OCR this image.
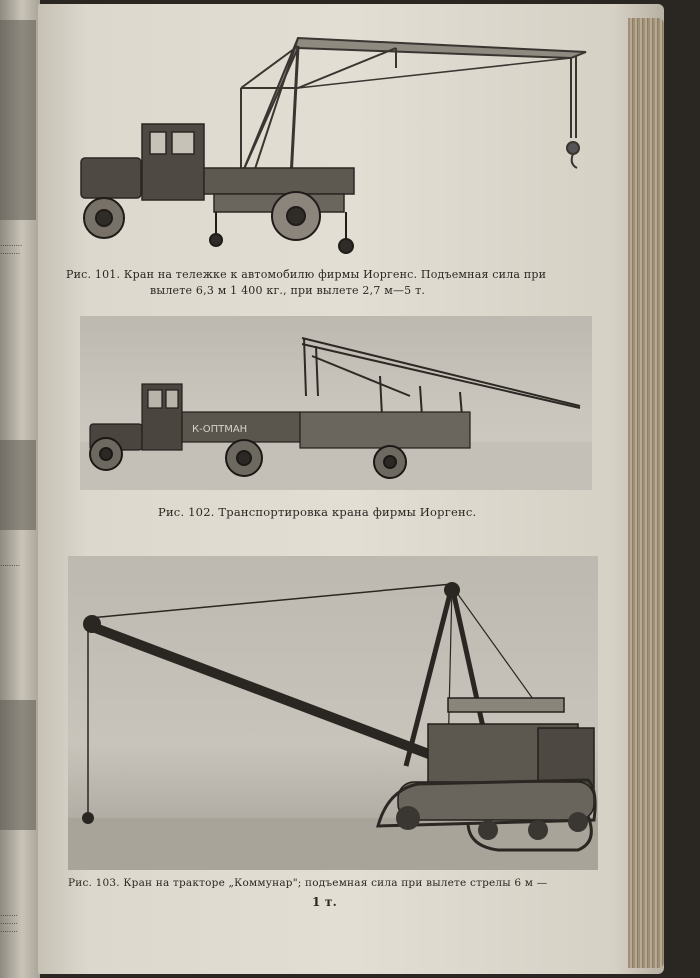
..........
.........
.........
........
........
........
Рис. 101. Кран на тележке к автомобилю фирмы Иоргенс. Подъемная сила при
вылете 6,3 м 1 400 кг., при вылете 2,7 м—5 т.
К-ОПТМАН
Рис. 102. Транспортировка крана фирмы Иоргенс.
Рис. 103. Кран на тракторе „Коммунар"; подъемная сила при вылете стрелы 6 м —
1 т.
